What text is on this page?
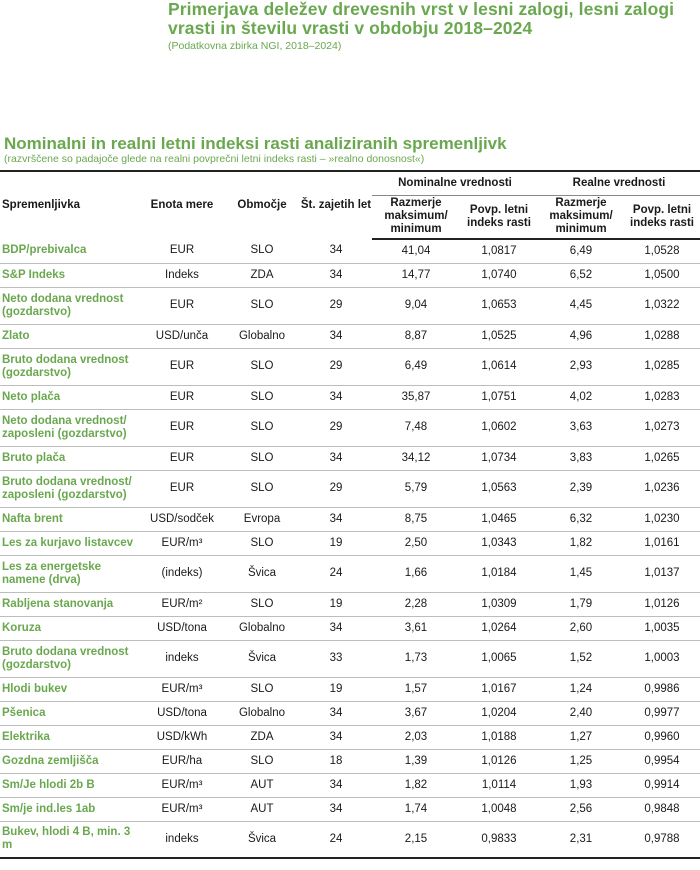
Primerjava deležev drevesnih vrst v lesni zalogi, lesni zalogi vrasti in številu vrasti v obdobju 2018–2024
(Podatkovna zbirka NGI, 2018–2024)
Nominalni in realni letni indeksi rasti analiziranih spremenljivk
(razvrščene so padajoče glede na realni povprečni letni indeks rasti – »realno donosnost«)
Spremenljivka	Enota mere	Območje	Št. zajetih let	Nominalne vrednosti		Realne vrednosti	
				Razmerje maksimum/ minimum	Povp. letni indeks rasti	Razmerje maksimum/ minimum	Povp. letni indeks rasti
BDP/prebivalca	EUR	SLO	34	41,04	1,0817	6,49	1,0528
S&P Indeks	Indeks	ZDA	34	14,77	1,0740	6,52	1,0500
Neto dodana vrednost (gozdarstvo)	EUR	SLO	29	9,04	1,0653	4,45	1,0322
Zlato	USD/unča	Globalno	34	8,87	1,0525	4,96	1,0288
Bruto dodana vrednost (gozdarstvo)	EUR	SLO	29	6,49	1,0614	2,93	1,0285
Neto plača	EUR	SLO	34	35,87	1,0751	4,02	1,0283
Neto dodana vrednost/ zaposleni (gozdarstvo)	EUR	SLO	29	7,48	1,0602	3,63	1,0273
Bruto plača	EUR	SLO	34	34,12	1,0734	3,83	1,0265
Bruto dodana vrednost/ zaposleni (gozdarstvo)	EUR	SLO	29	5,79	1,0563	2,39	1,0236
Nafta brent	USD/sodček	Evropa	34	8,75	1,0465	6,32	1,0230
Les za kurjavo listavcev	EUR/m³	SLO	19	2,50	1,0343	1,82	1,0161
Les za energetske namene (drva)	(indeks)	Švica	24	1,66	1,0184	1,45	1,0137
Rabljena stanovanja	EUR/m²	SLO	19	2,28	1,0309	1,79	1,0126
Koruza	USD/tona	Globalno	34	3,61	1,0264	2,60	1,0035
Bruto dodana vrednost (gozdarstvo)	indeks	Švica	33	1,73	1,0065	1,52	1,0003
Hlodi bukev	EUR/m³	SLO	19	1,57	1,0167	1,24	0,9986
Pšenica	USD/tona	Globalno	34	3,67	1,0204	2,40	0,9977
Elektrika	USD/kWh	ZDA	34	2,03	1,0188	1,27	0,9960
Gozdna zemljišča	EUR/ha	SLO	18	1,39	1,0126	1,25	0,9954
Sm/Je hlodi 2b B	EUR/m³	AUT	34	1,82	1,0114	1,93	0,9914
Sm/je ind.les 1ab	EUR/m³	AUT	34	1,74	1,0048	2,56	0,9848
Bukev, hlodi 4 B, min. 3 m	indeks	Švica	24	2,15	0,9833	2,31	0,9788
